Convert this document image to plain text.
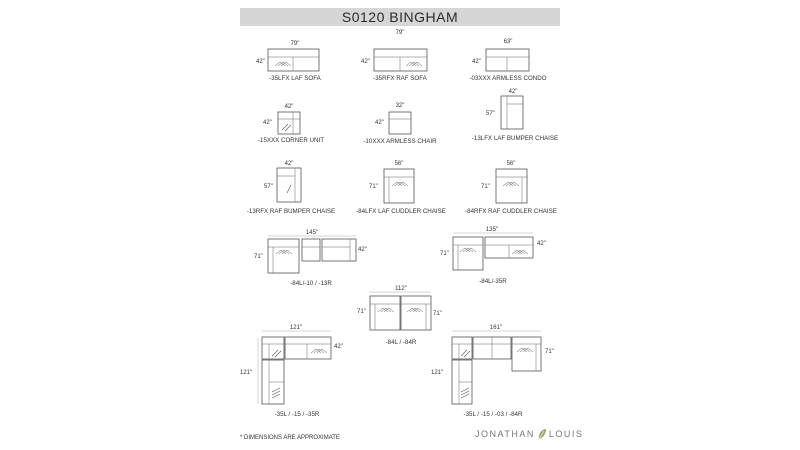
S0120 BINGHAM
79"
79"
42"
-35LFX LAF SOFA
42"
-35RFX RAF SOFA
63"
42"
-03XXX ARMLESS CONDO
42"
42"
-15XXX CORNER UNIT
32"
42"
-10XXX ARMLESS CHAIR
42"
57"
-13LFX LAF BUMPER CHAISE
42"
57"
-13RFX RAF BUMPER CHAISE
56"
71"
-84LFX LAF CUDDLER CHAISE
56"
71"
-84RFX RAF CUDDLER CHAISE
145"
71"
42"
-84L/-10 / -13R
135"
71"
42"
-84L/-35R
112"
71"	71"
-84L / -84R
121"
121"
42"
-35L / -15 / -35R
161"
121"
71"
-35L / -15 / -03 / -84R
* DIMENSIONS ARE APPROXIMATE	JONATHAN LOUIS
